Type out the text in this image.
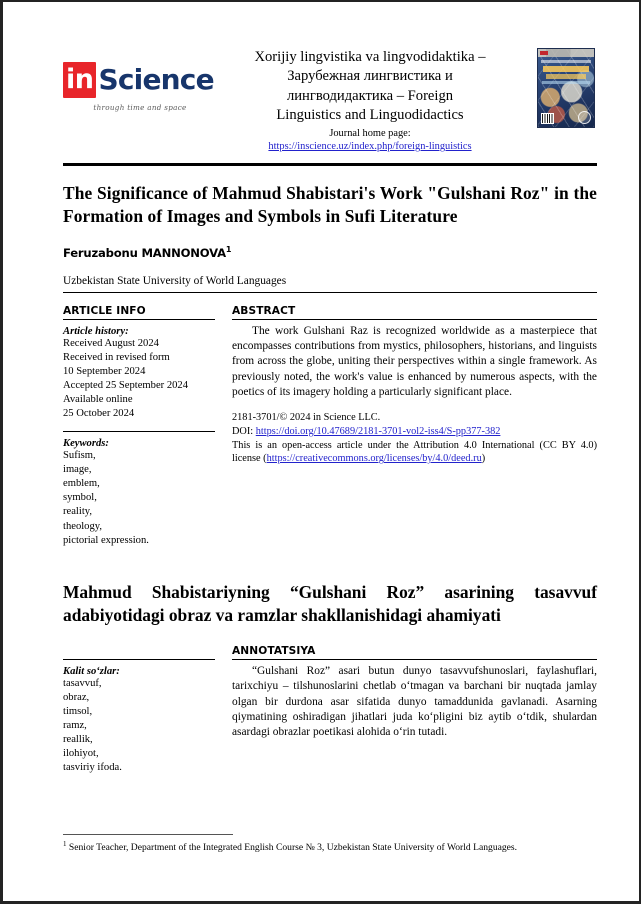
in Science
through time and space
Xorijiy lingvistika va lingvodidaktika –
Зарубежная лингвистика и
лингводидактика – Foreign
Linguistics and Linguodidactics
Journal home page:
https://inscience.uz/index.php/foreign-linguistics
The Significance of Mahmud Shabistari's Work "Gulshani Roz" in the Formation of Images and Symbols in Sufi Literature
Feruzabonu MANNONOVA$^1$
Uzbekistan State University of World Languages
ARTICLE INFO
Article history:
Received August 2024
Received in revised form
10 September 2024
Accepted 25 September 2024
Available online
25 October 2024
Keywords:
Sufism,
image,
emblem,
symbol,
reality,
theology,
pictorial expression.
ABSTRACT

The work Gulshani Raz is recognized worldwide as a masterpiece that encompasses contributions from mystics, philosophers, historians, and linguists from across the globe, uniting their perspectives within a single framework. As previously noted, the work's value is enhanced by numerous aspects, with the poetics of its imagery holding a particularly significant place.

2181-3701/© 2024 in Science LLC.
DOI: https://doi.org/10.47689/2181-3701-vol2-iss4/S-pp377-382
This is an open-access article under the Attribution 4.0 International (CC BY 4.0) license (https://creativecommons.org/licenses/by/4.0/deed.ru)
Mahmud Shabistariyning “Gulshani Roz” asarining tasavvuf adabiyotidagi obraz va ramzlar shakllanishidagi ahamiyati
Kalit so‘zlar:
tasavvuf,
obraz,
timsol,
ramz,
reallik,
ilohiyot,
tasviriy ifoda.
ANNOTATSIYA

“Gulshani Roz” asari butun dunyo tasavvufshunoslari, faylashuflari, tarixchiyu – tilshunoslarini chetlab o‘tmagan va barchani bir nuqtada jamlay olgan bir durdona asar sifatida dunyo tamaddunida gavlanadi. Asarning qiymatining oshiradigan jihatlari juda ko‘pligini biz aytib o‘tdik, shulardan asardagi obrazlar poetikasi alohida o‘rin tutadi.

$^1$ Senior Teacher, Department of the Integrated English Course № 3, Uzbekistan State University of World Languages.
